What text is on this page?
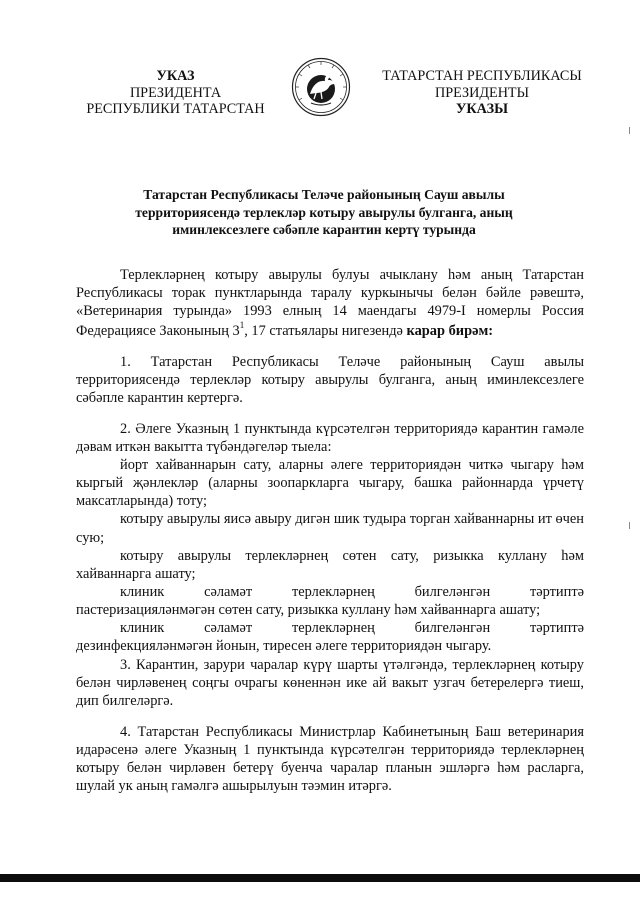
УКАЗ
ПРЕЗИДЕНТА
РЕСПУБЛИКИ ТАТАРСТАН
ТАТАРСТАН РЕСПУБЛИКАСЫ
ПРЕЗИДЕНТЫ
УКАЗЫ
Татарстан Республикасы Теләче районының Сауш авылы
территориясендә терлекләр котыру авырулы булганга, аның
иминлексезлеге сәбәпле карантин кертү турында

Терлекләрнең котыру авырулы булуы ачыклану һәм аның Татарстан

Республикасы торак пунктларында таралу куркынычы белән бәйле рәвештә,

«Ветеринария турында» 1993 елның 14 маендагы 4979-I номерлы Россия

Федерациясе Законының $3^1$, 17 статьялары нигезендә карар бирәм:

1. Татарстан Республикасы Теләче районының Сауш авылы территориясендә терлекләр котыру авырулы булганга, аның иминлексезлеге сәбәпле карантин кертергә.

2. Әлеге Указның 1 пунктында күрсәтелгән территориядә карантин гамәле дәвам иткән вакытта түбәндәгеләр тыела:

йорт хайваннарын сату, аларны әлеге территориядән читкә чыгару һәм кыргый җәнлекләр (аларны зоопаркларга чыгару, башка районнарда үрчетү максатларында) тоту;

котыру авырулы яисә авыру дигән шик тудыра торган хайваннарны ит өчен сую;

котыру авырулы терлекләрнең сөтен сату, ризыкка куллану һәм хайваннарга ашату;

клиник сәламәт терлекләрнең билгеләнгән тәртиптә

пастеризацияләнмәгән сөтен сату, ризыкка куллану һәм хайваннарга ашату;

клиник сәламәт терлекләрнең билгеләнгән тәртиптә

дезинфекцияләнмәгән йонын, тиресен әлеге территориядән чыгару.

3. Карантин, зарури чаралар күрү шарты үтәлгәндә, терлекләрнең котыру белән чирләвенең соңгы очрагы көненнән ике ай вакыт узгач бетерелергә тиеш, дип билгеләргә.

4. Татарстан Республикасы Министрлар Кабинетының Баш ветеринария идарәсенә әлеге Указның 1 пунктында күрсәтелгән территориядә терлекләрнең котыру белән чирләвен бетерү буенча чаралар планын эшләргә һәм расларга, шулай ук аның гамәлгә ашырылуын тәэмин итәргә.
